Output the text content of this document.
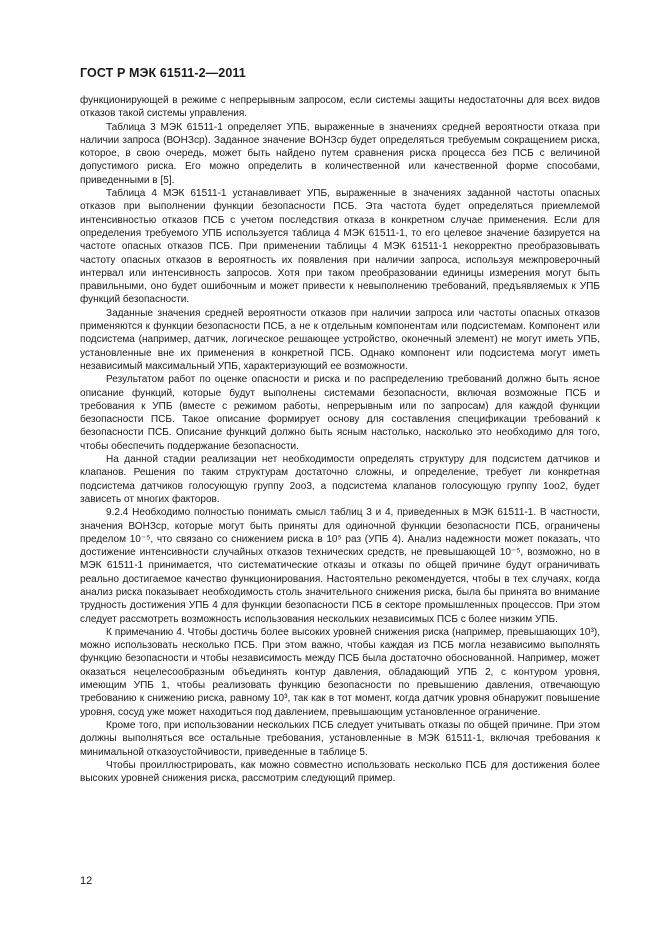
ГОСТ Р МЭК 61511-2—2011

функционирующей в режиме с непрерывным запросом, если системы защиты недостаточны для всех видов отказов такой системы управления.

Таблица 3 МЭК 61511-1 определяет УПБ, выраженные в значениях средней вероятности отказа при наличии запроса (ВОНЗср). Заданное значение ВОНЗср будет определяться требуемым сокращением риска, которое, в свою очередь, может быть найдено путем сравнения риска процесса без ПСБ с величиной допустимого риска. Его можно определить в количественной или качественной форме способами, приведенными в [5].

Таблица 4 МЭК 61511-1 устанавливает УПБ, выраженные в значениях заданной частоты опасных отказов при выполнении функции безопасности ПСБ. Эта частота будет определяться приемлемой интенсивностью отказов ПСБ с учетом последствия отказа в конкретном случае применения. Если для определения требуемого УПБ используется таблица 4 МЭК 61511-1, то его целевое значение базируется на частоте опасных отказов ПСБ. При применении таблицы 4 МЭК 61511-1 некорректно преобразовывать частоту опасных отказов в вероятность их появления при наличии запроса, используя межпроверочный интервал или интенсивность запросов. Хотя при таком преобразовании единицы измерения могут быть правильными, оно будет ошибочным и может привести к невыполнению требований, предъявляемых к УПБ функций безопасности.

Заданные значения средней вероятности отказов при наличии запроса или частоты опасных отказов применяются к функции безопасности ПСБ, а не к отдельным компонентам или подсистемам. Компонент или подсистема (например, датчик, логическое решающее устройство, оконечный элемент) не могут иметь УПБ, установленные вне их применения в конкретной ПСБ. Однако компонент или подсистема могут иметь независимый максимальный УПБ, характеризующий ее возможности.

Результатом работ по оценке опасности и риска и по распределению требований должно быть ясное описание функций, которые будут выполнены системами безопасности, включая возможные ПСБ и требования к УПБ (вместе с режимом работы, непрерывным или по запросам) для каждой функции безопасности ПСБ. Такое описание формирует основу для составления спецификации требований к безопасности ПСБ. Описание функций должно быть ясным настолько, насколько это необходимо для того, чтобы обеспечить поддержание безопасности.

На данной стадии реализации нет необходимости определять структуру для подсистем датчиков и клапанов. Решения по таким структурам достаточно сложны, и определение, требует ли конкретная подсистема датчиков голосующую группу 2оо3, а подсистема клапанов голосующую группу 1оо2, будет зависеть от многих факторов.

9.2.4 Необходимо полностью понимать смысл таблиц 3 и 4, приведенных в МЭК 61511-1. В частности, значения ВОНЗср, которые могут быть приняты для одиночной функции безопасности ПСБ, ограничены пределом 10⁻⁵, что связано со снижением риска в 10⁵ раз (УПБ 4). Анализ надежности может показать, что достижение интенсивности случайных отказов технических средств, не превышающей 10⁻⁵, возможно, но в МЭК 61511-1 принимается, что систематические отказы и отказы по общей причине будут ограничивать реально достигаемое качество функционирования. Настоятельно рекомендуется, чтобы в тех случаях, когда анализ риска показывает необходимость столь значительного снижения риска, была бы принята во внимание трудность достижения УПБ 4 для функции безопасности ПСБ в секторе промышленных процессов. При этом следует рассмотреть возможность использования нескольких независимых ПСБ с более низким УПБ.

К примечанию 4. Чтобы достичь более высоких уровней снижения риска (например, превышающих 10³), можно использовать несколько ПСБ. При этом важно, чтобы каждая из ПСБ могла независимо выполнять функцию безопасности и чтобы независимость между ПСБ была достаточно обоснованной. Например, может оказаться нецелесообразным объединять контур давления, обладающий УПБ 2, с контуром уровня, имеющим УПБ 1, чтобы реализовать функцию безопасности по превышению давления, отвечающую требованию к снижению риска, равному 10³, так как в тот момент, когда датчик уровня обнаружит повышение уровня, сосуд уже может находиться под давлением, превышающим установленное ограничение.

Кроме того, при использовании нескольких ПСБ следует учитывать отказы по общей причине. При этом должны выполняться все остальные требования, установленные в МЭК 61511-1, включая требования к минимальной отказоустойчивости, приведенные в таблице 5.

Чтобы проиллюстрировать, как можно совместно использовать несколько ПСБ для достижения более высоких уровней снижения риска, рассмотрим следующий пример.

12
